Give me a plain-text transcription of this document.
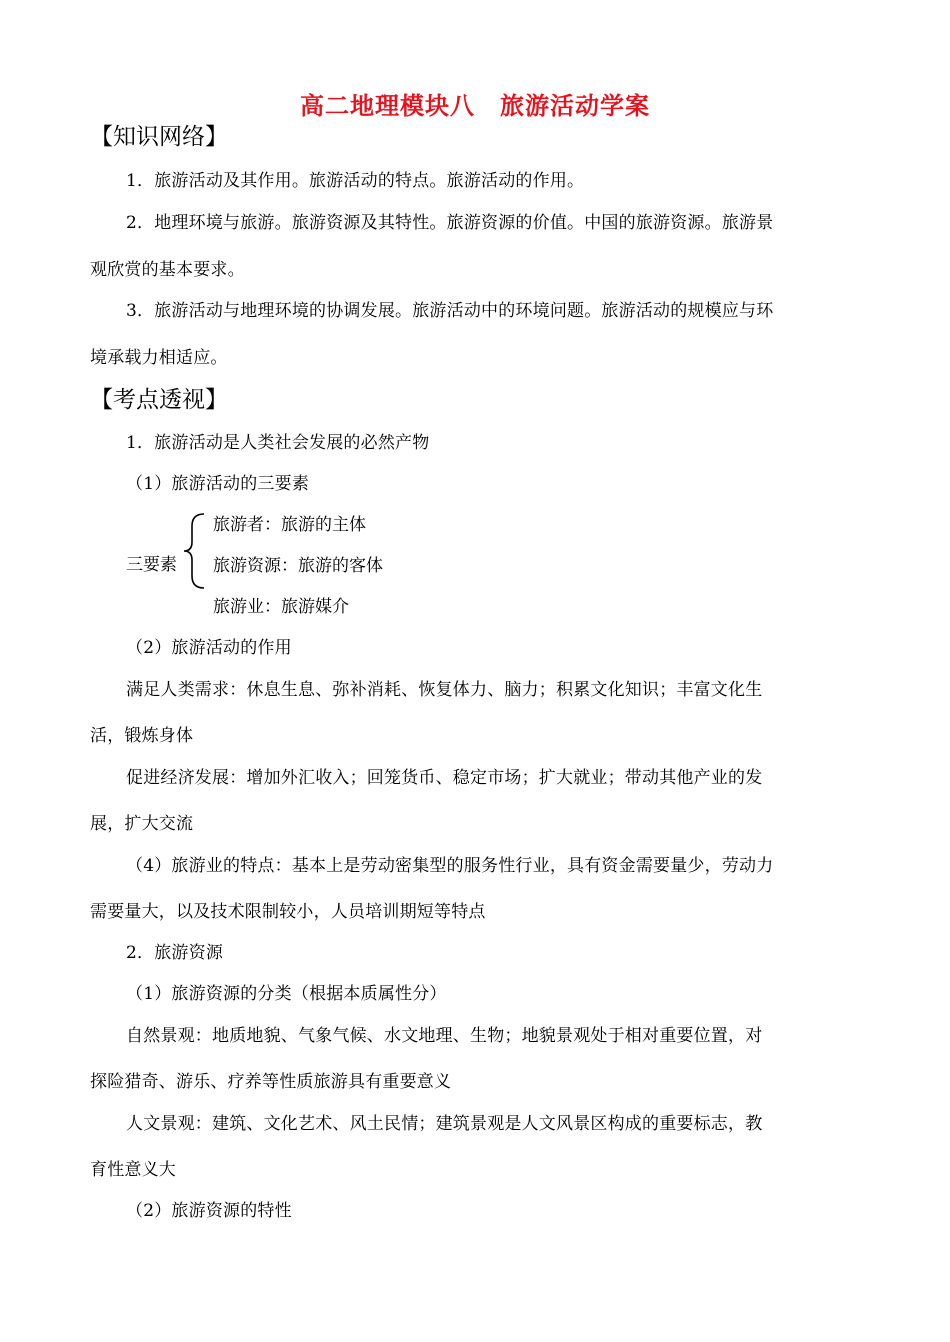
高二地理模块八　旅游活动学案
【知识网络】
1．旅游活动及其作用。旅游活动的特点。旅游活动的作用。
2．地理环境与旅游。旅游资源及其特性。旅游资源的价值。中国的旅游资源。旅游景
观欣赏的基本要求。
3．旅游活动与地理环境的协调发展。旅游活动中的环境问题。旅游活动的规模应与环
境承载力相适应。
【考点透视】
1．旅游活动是人类社会发展的必然产物
（1）旅游活动的三要素
三要素
旅游者：旅游的主体
旅游资源：旅游的客体
旅游业：旅游媒介
（2）旅游活动的作用
满足人类需求：休息生息、弥补消耗、恢复体力、脑力；积累文化知识；丰富文化生
活，锻炼身体
促进经济发展：增加外汇收入；回笼货币、稳定市场；扩大就业；带动其他产业的发
展，扩大交流
（4）旅游业的特点：基本上是劳动密集型的服务性行业，具有资金需要量少，劳动力
需要量大，以及技术限制较小，人员培训期短等特点
2．旅游资源
（1）旅游资源的分类（根据本质属性分）
自然景观：地质地貌、气象气候、水文地理、生物；地貌景观处于相对重要位置，对
探险猎奇、游乐、疗养等性质旅游具有重要意义
人文景观：建筑、文化艺术、风土民情；建筑景观是人文风景区构成的重要标志，教
育性意义大
（2）旅游资源的特性
